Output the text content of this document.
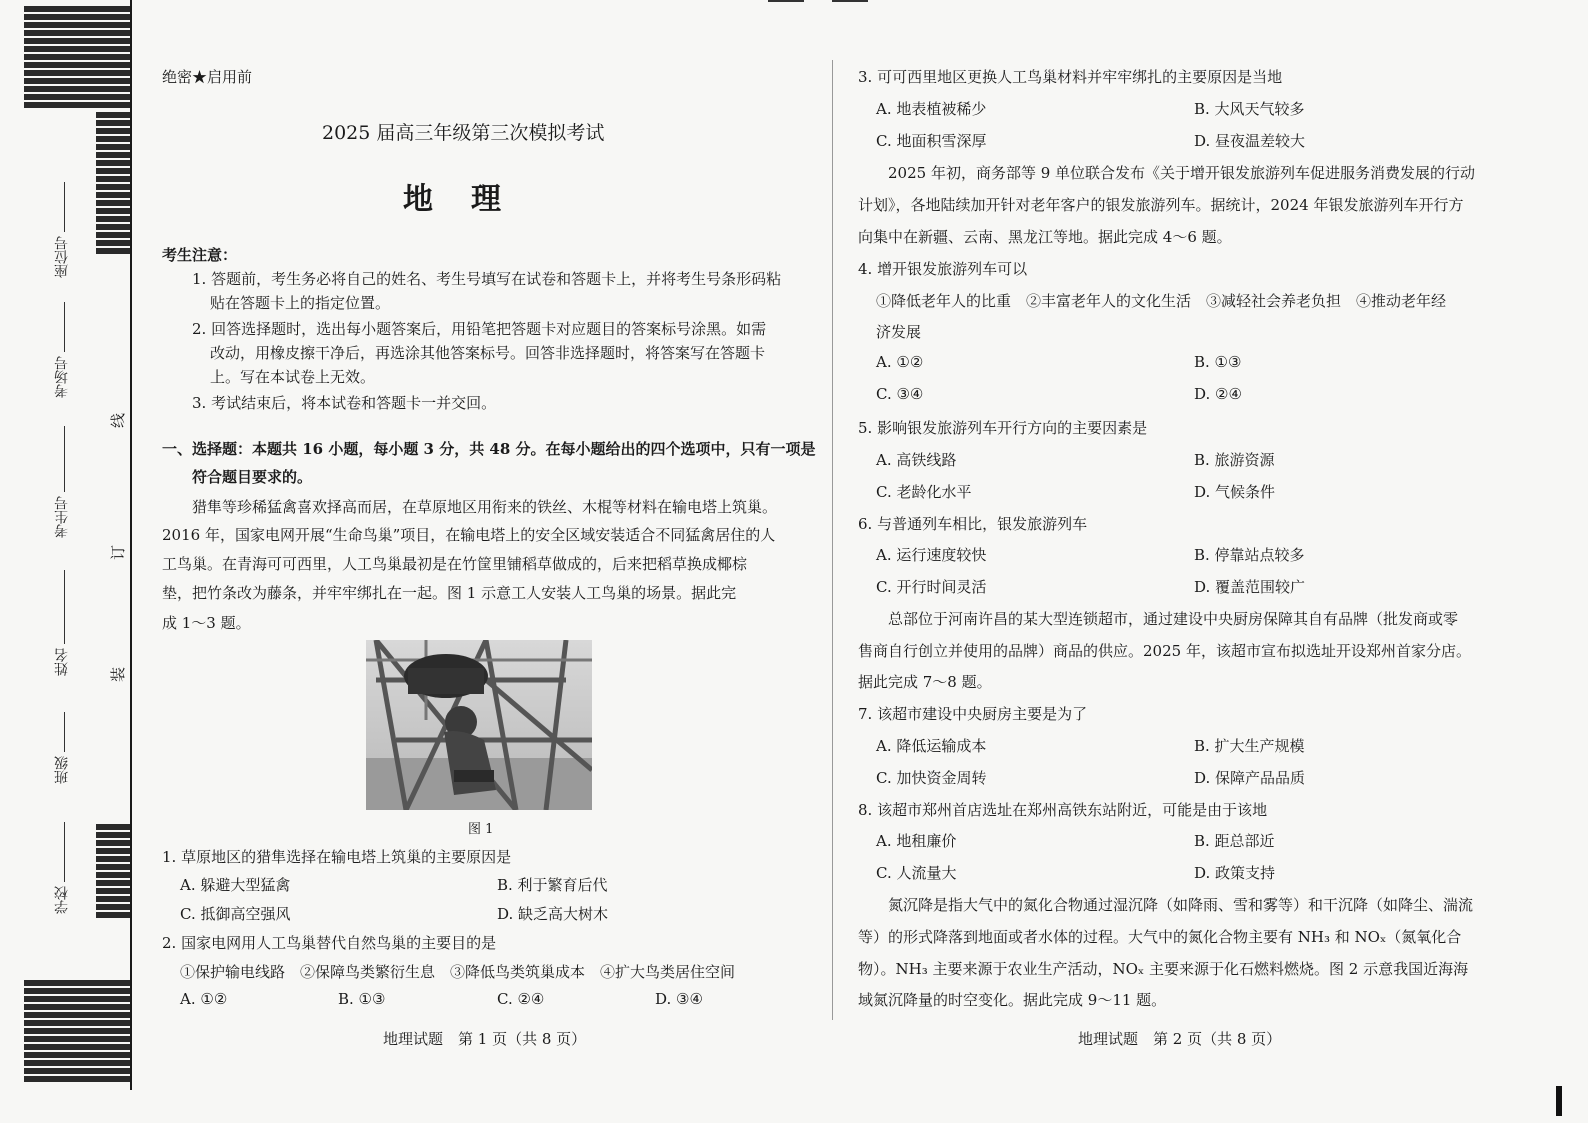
座位号
考场号
考生号
姓名
班级
学校
线
订
装
绝密★启用前
2025 届高三年级第三次模拟考试
地　理
考生注意：
1. 答题前，考生务必将自己的姓名、考生号填写在试卷和答题卡上，并将考生号条形码粘
贴在答题卡上的指定位置。
2. 回答选择题时，选出每小题答案后，用铅笔把答题卡对应题目的答案标号涂黑。如需
改动，用橡皮擦干净后，再选涂其他答案标号。回答非选择题时，将答案写在答题卡
上。写在本试卷上无效。
3. 考试结束后，将本试卷和答题卡一并交回。
一、选择题：本题共 16 小题，每小题 3 分，共 48 分。在每小题给出的四个选项中，只有一项是
符合题目要求的。
猎隼等珍稀猛禽喜欢择高而居，在草原地区用衔来的铁丝、木棍等材料在输电塔上筑巢。
2016 年，国家电网开展“生命鸟巢”项目，在输电塔上的安全区域安装适合不同猛禽居住的人
工鸟巢。在青海可可西里，人工鸟巢最初是在竹筐里铺稻草做成的，后来把稻草换成椰棕
垫，把竹条改为藤条，并牢牢绑扎在一起。图 1 示意工人安装人工鸟巢的场景。据此完
成 1～3 题。
图 1
1. 草原地区的猎隼选择在输电塔上筑巢的主要原因是
A. 躲避大型猛禽	B. 利于繁育后代
C. 抵御高空强风	D. 缺乏高大树木
2. 国家电网用人工鸟巢替代自然鸟巢的主要目的是
①保护输电线路　②保障鸟类繁衍生息　③降低鸟类筑巢成本　④扩大鸟类居住空间
A. ①②	B. ①③	C. ②④	D. ③④
地理试题　第 1 页（共 8 页）
3. 可可西里地区更换人工鸟巢材料并牢牢绑扎的主要原因是当地
A. 地表植被稀少	B. 大风天气较多
C. 地面积雪深厚	D. 昼夜温差较大
2025 年初，商务部等 9 单位联合发布《关于增开银发旅游列车促进服务消费发展的行动
计划》，各地陆续加开针对老年客户的银发旅游列车。据统计，2024 年银发旅游列车开行方
向集中在新疆、云南、黑龙江等地。据此完成 4～6 题。
4. 增开银发旅游列车可以
①降低老年人的比重　②丰富老年人的文化生活　③减轻社会养老负担　④推动老年经
济发展
A. ①②	B. ①③
C. ③④	D. ②④
5. 影响银发旅游列车开行方向的主要因素是
A. 高铁线路	B. 旅游资源
C. 老龄化水平	D. 气候条件
6. 与普通列车相比，银发旅游列车
A. 运行速度较快	B. 停靠站点较多
C. 开行时间灵活	D. 覆盖范围较广
总部位于河南许昌的某大型连锁超市，通过建设中央厨房保障其自有品牌（批发商或零
售商自行创立并使用的品牌）商品的供应。2025 年，该超市宣布拟选址开设郑州首家分店。
据此完成 7～8 题。
7. 该超市建设中央厨房主要是为了
A. 降低运输成本	B. 扩大生产规模
C. 加快资金周转	D. 保障产品品质
8. 该超市郑州首店选址在郑州高铁东站附近，可能是由于该地
A. 地租廉价	B. 距总部近
C. 人流量大	D. 政策支持
氮沉降是指大气中的氮化合物通过湿沉降（如降雨、雪和雾等）和干沉降（如降尘、湍流
等）的形式降落到地面或者水体的过程。大气中的氮化合物主要有 NH₃ 和 NOₓ（氮氧化合
物）。NH₃ 主要来源于农业生产活动，NOₓ 主要来源于化石燃料燃烧。图 2 示意我国近海海
域氮沉降量的时空变化。据此完成 9～11 题。
地理试题　第 2 页（共 8 页）
